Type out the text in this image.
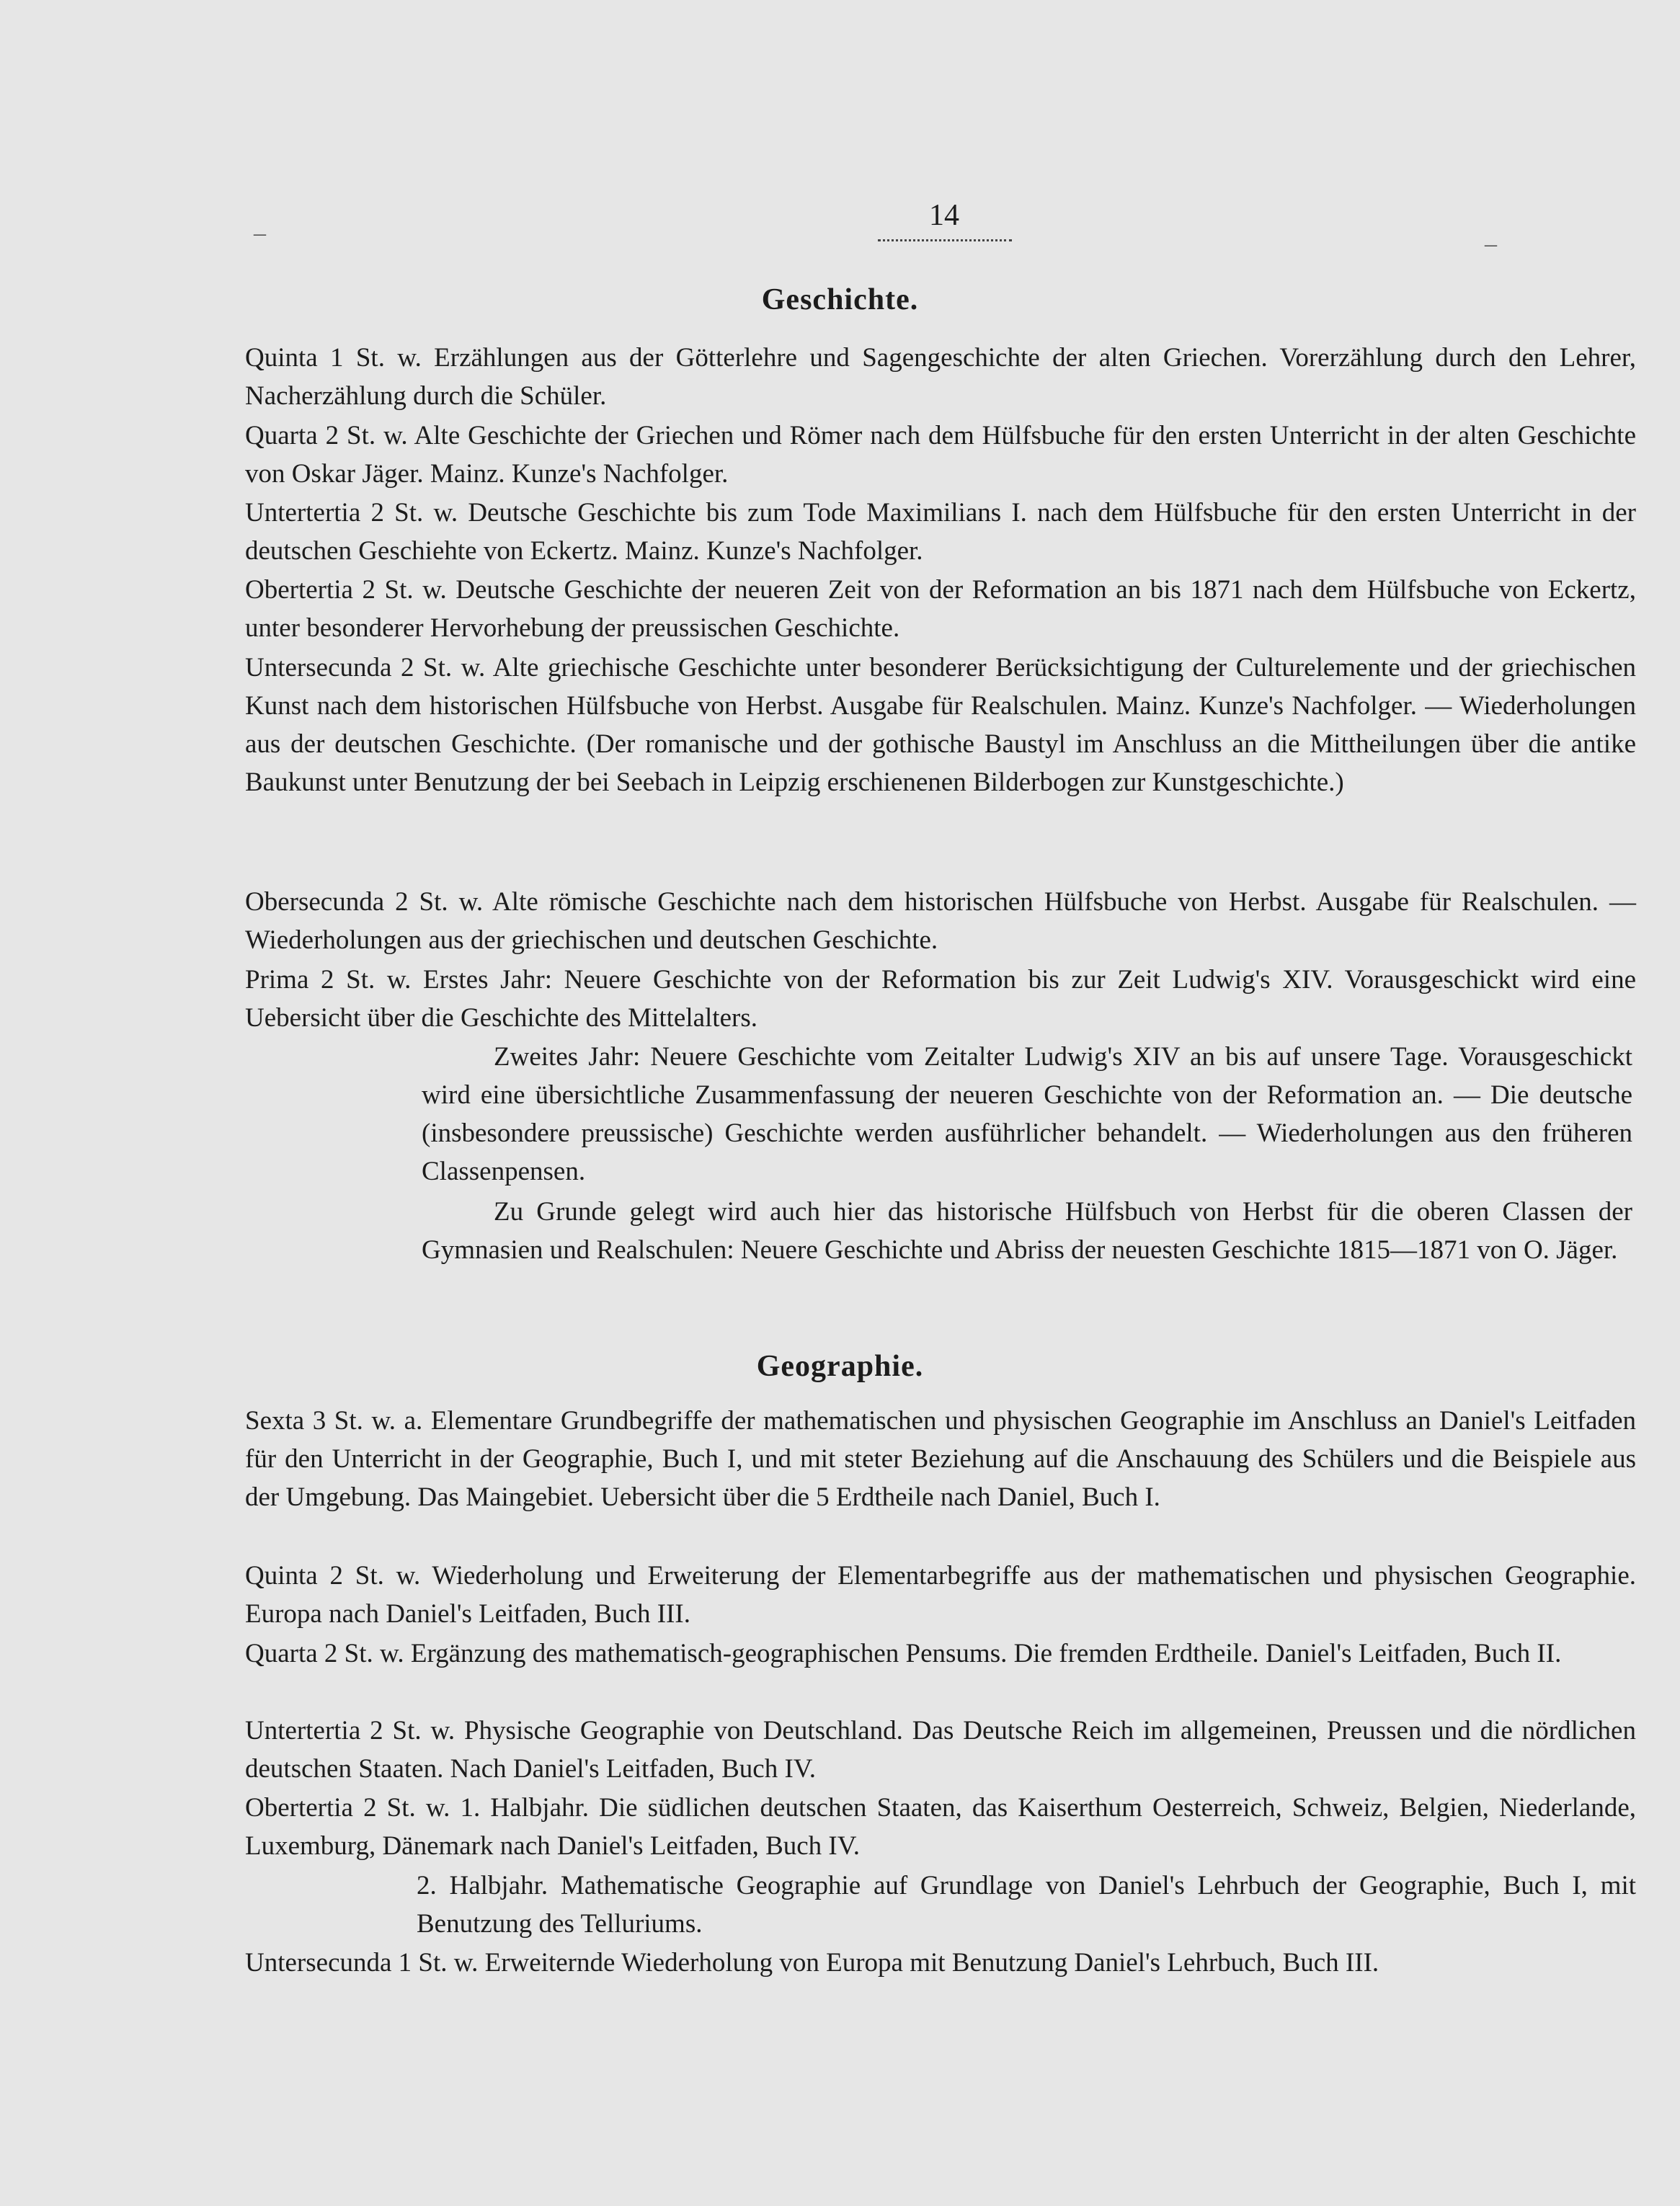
14
–	–
Geschichte.
Quinta 1 St. w. Erzählungen aus der Götterlehre und Sagengeschichte der alten Griechen. Vorerzählung durch den Lehrer, Nacherzählung durch die Schüler.
Quarta 2 St. w. Alte Geschichte der Griechen und Römer nach dem Hülfsbuche für den ersten Unterricht in der alten Geschichte von Oskar Jäger. Mainz. Kunze's Nachfolger.
Untertertia 2 St. w. Deutsche Geschichte bis zum Tode Maximilians I. nach dem Hülfsbuche für den ersten Unterricht in der deutschen Geschiehte von Eckertz. Mainz. Kunze's Nachfolger.
Obertertia 2 St. w. Deutsche Geschichte der neueren Zeit von der Reformation an bis 1871 nach dem Hülfsbuche von Eckertz, unter besonderer Hervorhebung der preussischen Geschichte.
Untersecunda 2 St. w. Alte griechische Geschichte unter besonderer Berücksichtigung der Culturelemente und der griechischen Kunst nach dem historischen Hülfsbuche von Herbst. Ausgabe für Realschulen. Mainz. Kunze's Nachfolger. — Wiederholungen aus der deutschen Geschichte. (Der romanische und der gothische Baustyl im Anschluss an die Mittheilungen über die antike Baukunst unter Benutzung der bei Seebach in Leipzig erschienenen Bilderbogen zur Kunstgeschichte.)
Obersecunda 2 St. w. Alte römische Geschichte nach dem historischen Hülfsbuche von Herbst. Ausgabe für Realschulen. — Wiederholungen aus der griechischen und deutschen Geschichte.
Prima 2 St. w. Erstes Jahr: Neuere Geschichte von der Reformation bis zur Zeit Ludwig's XIV. Vorausgeschickt wird eine Uebersicht über die Geschichte des Mittelalters.
Zweites Jahr: Neuere Geschichte vom Zeitalter Ludwig's XIV an bis auf unsere Tage. Vorausgeschickt wird eine übersichtliche Zusammenfassung der neueren Geschichte von der Reformation an. — Die deutsche (insbesondere preussische) Geschichte werden ausführlicher behandelt. — Wiederholungen aus den früheren Classenpensen.
Zu Grunde gelegt wird auch hier das historische Hülfsbuch von Herbst für die oberen Classen der Gymnasien und Realschulen: Neuere Geschichte und Abriss der neuesten Geschichte 1815—1871 von O. Jäger.
Geographie.
Sexta 3 St. w. a. Elementare Grundbegriffe der mathematischen und physischen Geographie im Anschluss an Daniel's Leitfaden für den Unterricht in der Geographie, Buch I, und mit steter Beziehung auf die Anschauung des Schülers und die Beispiele aus der Umgebung. Das Maingebiet. Uebersicht über die 5 Erdtheile nach Daniel, Buch I.
Quinta 2 St. w. Wiederholung und Erweiterung der Elementarbegriffe aus der mathematischen und physischen Geographie. Europa nach Daniel's Leitfaden, Buch III.
Quarta 2 St. w. Ergänzung des mathematisch-geographischen Pensums. Die fremden Erdtheile. Daniel's Leitfaden, Buch II.
Untertertia 2 St. w. Physische Geographie von Deutschland. Das Deutsche Reich im allgemeinen, Preussen und die nördlichen deutschen Staaten. Nach Daniel's Leitfaden, Buch IV.
Obertertia 2 St. w. 1. Halbjahr. Die südlichen deutschen Staaten, das Kaiserthum Oesterreich, Schweiz, Belgien, Niederlande, Luxemburg, Dänemark nach Daniel's Leitfaden, Buch IV.
2. Halbjahr. Mathematische Geographie auf Grundlage von Daniel's Lehrbuch der Geographie, Buch I, mit Benutzung des Telluriums.
Untersecunda 1 St. w. Erweiternde Wiederholung von Europa mit Benutzung Daniel's Lehrbuch, Buch III.
